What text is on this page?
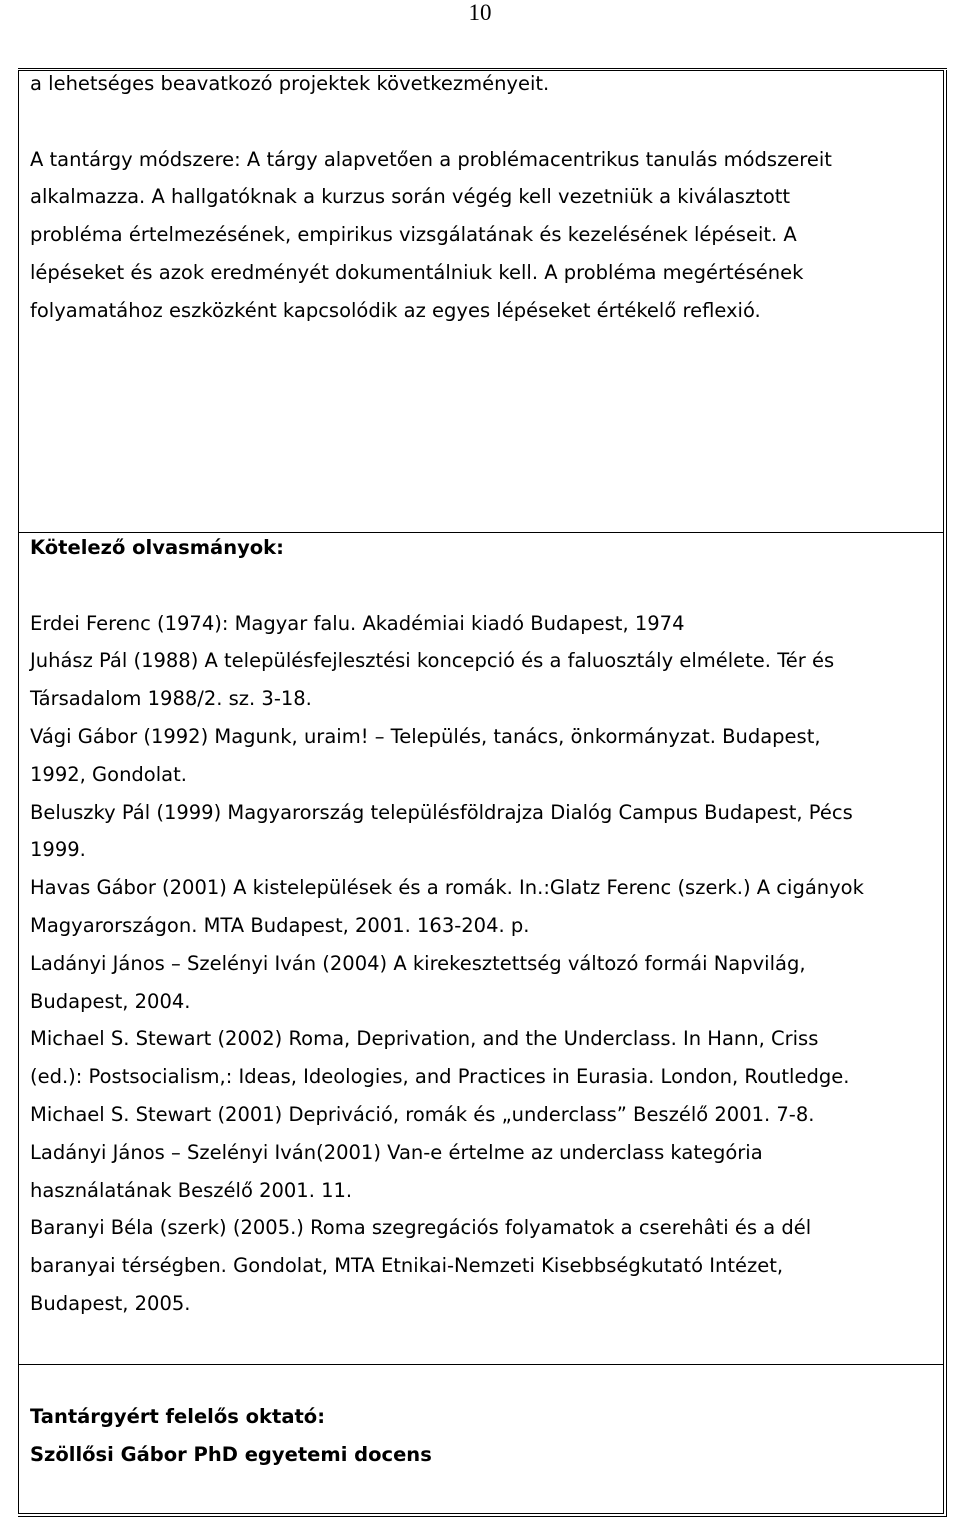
10

a lehetséges beavatkozó projektek következményeit.

A tantárgy módszere: A tárgy alapvetően a problémacentrikus tanulás módszereit

alkalmazza. A hallgatóknak a kurzus során végég kell vezetniük a kiválasztott

probléma értelmezésének, empirikus vizsgálatának és kezelésének lépéseit. A

lépéseket és azok eredményét dokumentálniuk kell. A probléma megértésének

folyamatához eszközként kapcsolódik az egyes lépéseket értékelő reflexió.

Kötelező olvasmányok:

Erdei Ferenc (1974): Magyar falu. Akadémiai kiadó Budapest, 1974

Juhász Pál (1988) A településfejlesztési koncepció és a faluosztály elmélete. Tér és

Társadalom 1988/2. sz. 3-18.

Vági Gábor (1992) Magunk, uraim! – Település, tanács, önkormányzat. Budapest,

1992, Gondolat.

Beluszky Pál (1999) Magyarország településföldrajza Dialóg Campus Budapest, Pécs

1999.

Havas Gábor (2001) A kistelepülések és a romák. In.:Glatz Ferenc (szerk.) A cigányok

Magyarországon. MTA Budapest, 2001. 163-204. p.

Ladányi János – Szelényi Iván (2004) A kirekesztettség változó formái Napvilág,

Budapest, 2004.

Michael S. Stewart (2002) Roma, Deprivation, and the Underclass. In Hann, Criss

(ed.): Postsocialism,: Ideas, Ideologies, and Practices in Eurasia. London, Routledge.

Michael S. Stewart (2001) Depriváció, romák és „underclass” Beszélő 2001. 7-8.

Ladányi János – Szelényi Iván(2001) Van-e értelme az underclass kategória

használatának Beszélő 2001. 11.

Baranyi Béla (szerk) (2005.) Roma szegregációs folyamatok a cserehâti és a dél

baranyai térségben. Gondolat, MTA Etnikai-Nemzeti Kisebbségkutató Intézet,

Budapest, 2005.

Tantárgyért felelős oktató:

Szöllősi Gábor PhD egyetemi docens
